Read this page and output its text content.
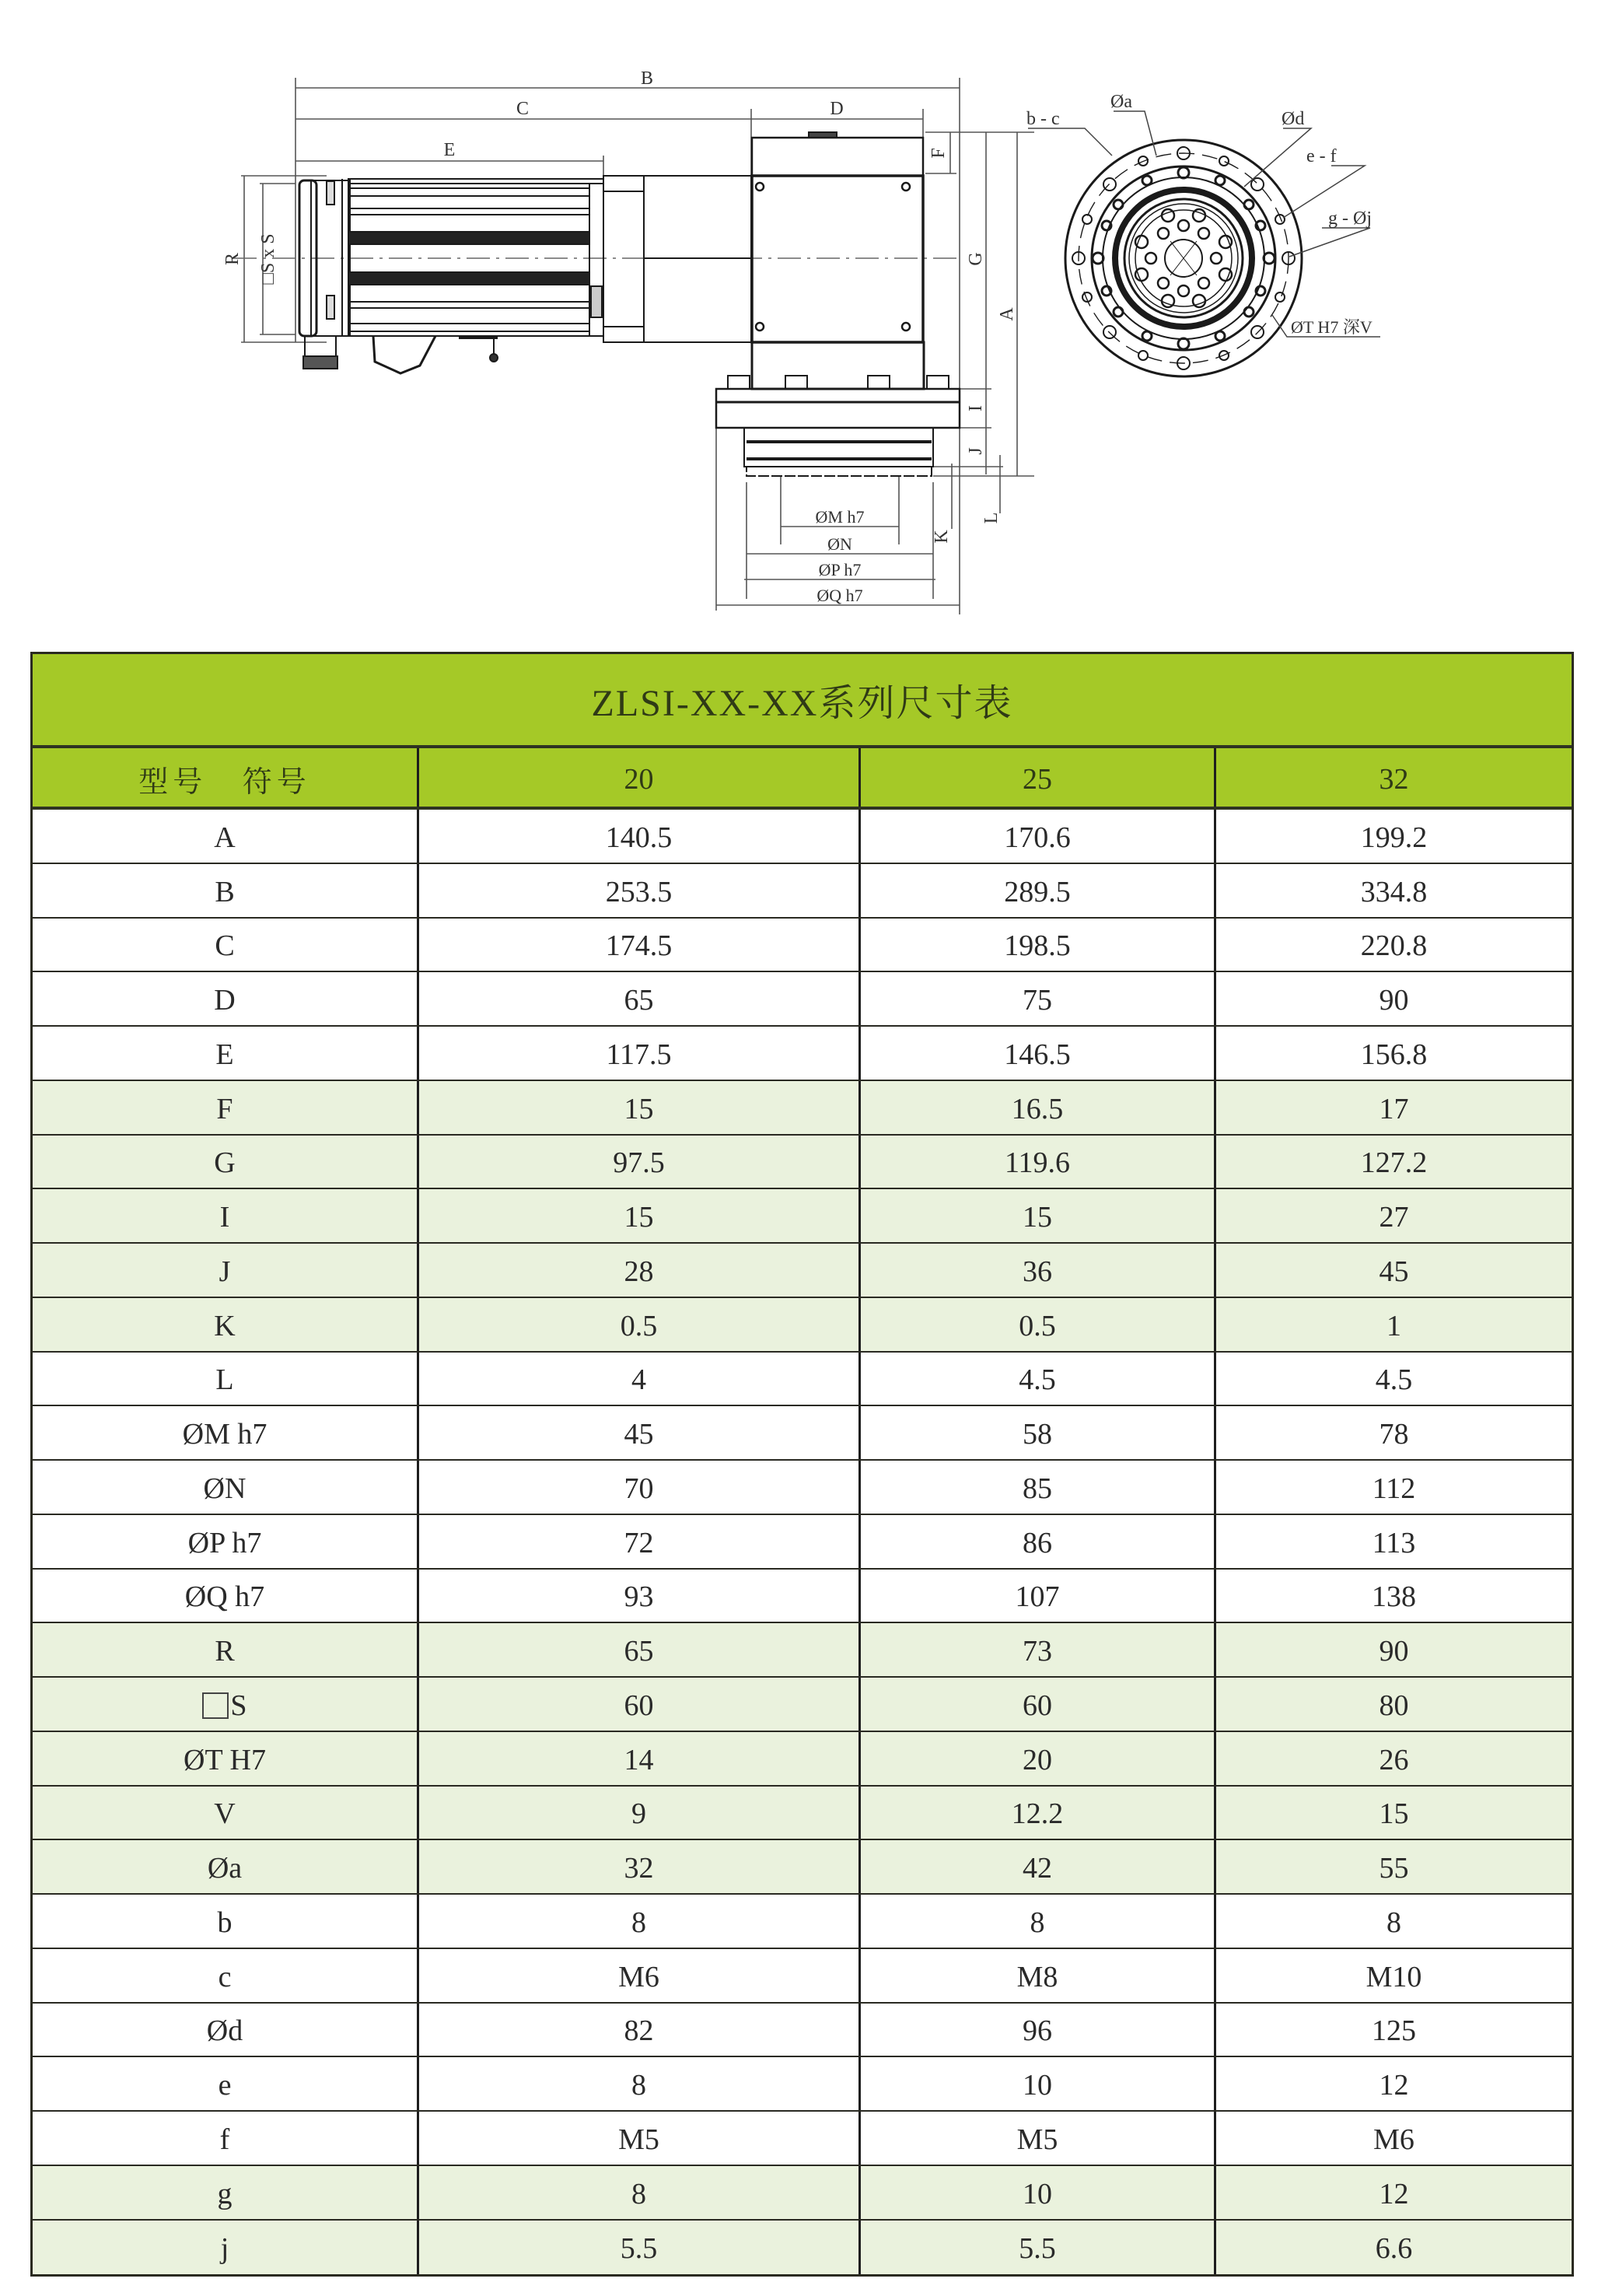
B
C	D
E	F
G
A
R □S x S
I
J
K
L
ØM h7
ØN
ØP h7
ØQ h7
b - c
Øa
Ød
e - f
g - Øj
ØT H7 深V
ZLSI-XX-XX系列尺寸表
型号 符号	20	25	32
A	140.5	170.6	199.2
B	253.5	289.5	334.8
C	174.5	198.5	220.8
D	65	75	90
E	117.5	146.5	156.8
F	15	16.5	17
G	97.5	119.6	127.2
I	15	15	27
J	28	36	45
K	0.5	0.5	1
L	4	4.5	4.5
ØM h7	45	58	78
ØN	70	85	112
ØP h7	72	86	113
ØQ h7	93	107	138
R	65	73	90
S	60	60	80
ØT H7	14	20	26
V	9	12.2	15
Øa	32	42	55
b	8	8	8
c	M6	M8	M10
Ød	82	96	125
e	8	10	12
f	M5	M5	M6
g	8	10	12
j	5.5	5.5	6.6
